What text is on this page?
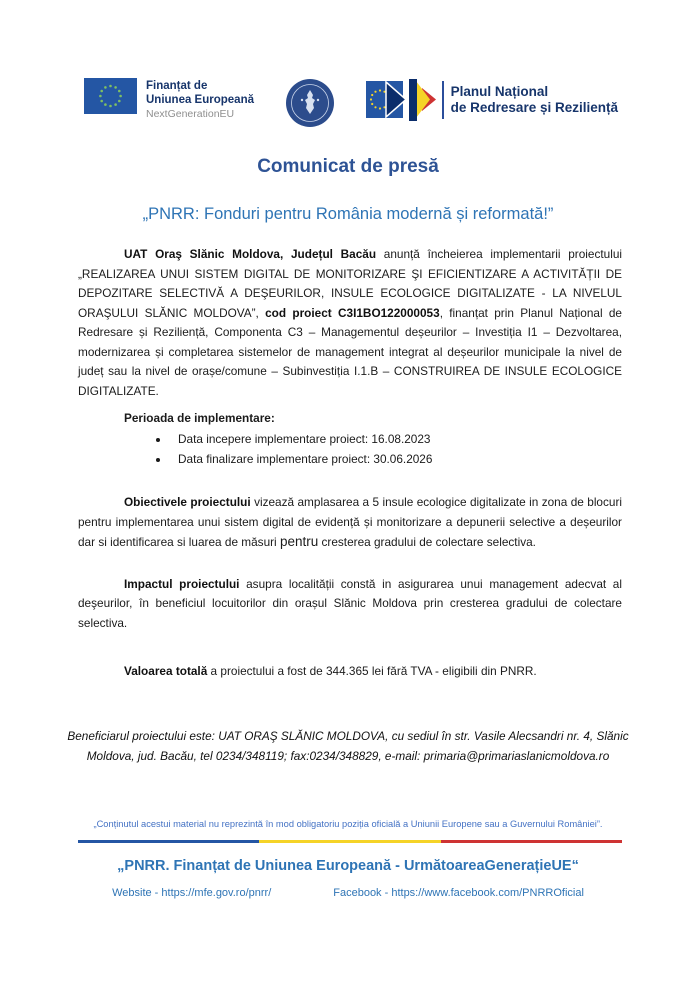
Finanțat de
Uniunea Europeană
NextGenerationEU
Planul Național
de Redresare și Reziliență
Comunicat de presă
„PNRR: Fonduri pentru România modernă și reformată!”

UAT Oraş Slănic Moldova, Județul Bacău anunță încheierea implementarii proiectului „REALIZAREA UNUI SISTEM DIGITAL DE MONITORIZARE ŞI EFICIENTIZARE A ACTIVITĂȚII DE DEPOZITARE SELECTIVĂ A DEŞEURILOR, INSULE ECOLOGICE DIGITALIZATE - LA NIVELUL ORAŞULUI SLĂNIC MOLDOVA”, cod proiect C3I1BO122000053, finanțat prin Planul Național de Redresare și Reziliență, Componenta C3 – Managementul deșeurilor – Investiția I1 – Dezvoltarea, modernizarea și completarea sistemelor de management integrat al deșeurilor municipale la nivel de județ sau la nivel de orașe/comune – Subinvestiția I.1.B – CONSTRUIREA DE INSULE ECOLOGICE DIGITALIZATE.

Perioada de implementare:
• Data incepere implementare proiect: 16.08.2023
• Data finalizare implementare proiect: 30.06.2026

Obiectivele proiectului vizează amplasarea a 5 insule ecologice digitalizate in zona de blocuri pentru implementarea unui sistem digital de evidență și monitorizare a depunerii selective a deșeurilor dar si identificarea si luarea de măsuri pentru cresterea gradului de colectare selectiva.

Impactul proiectului asupra localității constă in asigurarea unui management adecvat al deşeurilor, în beneficiul locuitorilor din orașul Slănic Moldova prin cresterea gradului de colectare selectiva.

Valoarea totală a proiectului a fost de 344.365 lei fără TVA - eligibili din PNRR.

Beneficiarul proiectului este: UAT ORAŞ SLĂNIC MOLDOVA, cu sediul în str. Vasile Alecsandri nr. 4, Slănic Moldova, jud. Bacău, tel 0234/348119; fax:0234/348829, e-mail: primaria@primariaslanicmoldova.ro

„Conținutul acestui material nu reprezintă în mod obligatoriu poziția oficială a Uniunii Europene sau a Guvernului României”.
„PNRR. Finanțat de Uniunea Europeană - UrmătoareaGenerațieUE“
Website - https://mfe.gov.ro/pnrr/	Facebook - https://www.facebook.com/PNRROficial
